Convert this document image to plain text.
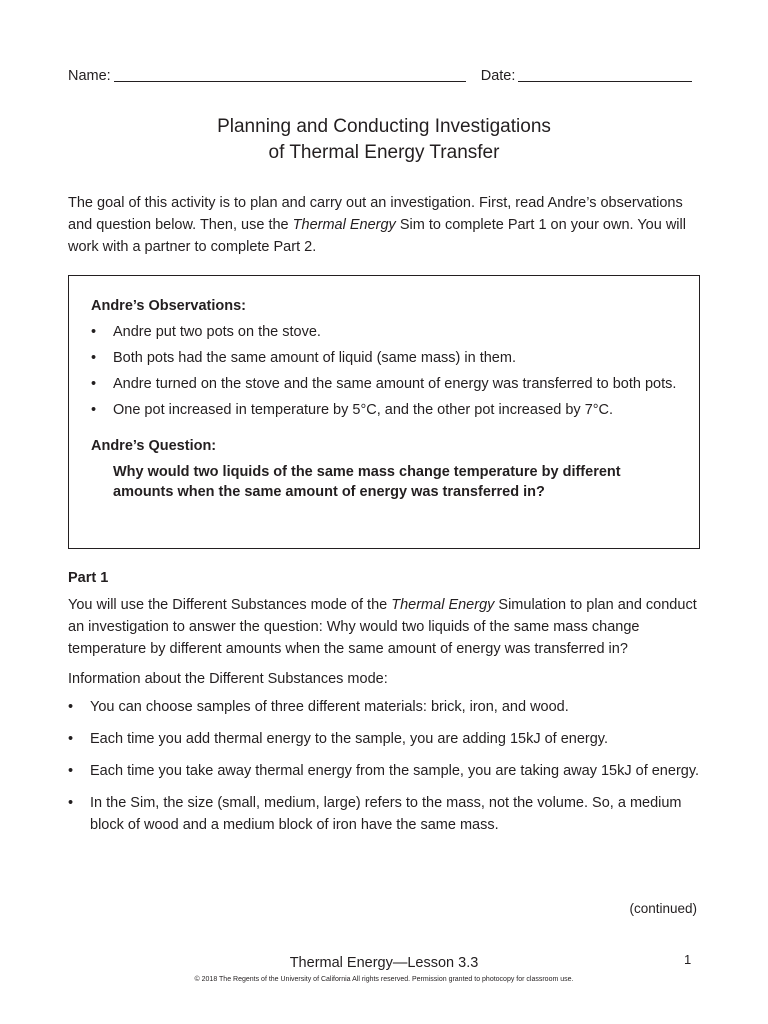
Name:	Date:
Planning and Conducting Investigations
of Thermal Energy Transfer

The goal of this activity is to plan and carry out an investigation. First, read Andre’s observations and question below. Then, use the Thermal Energy Sim to complete Part 1 on your own. You will work with a partner to complete Part 2.

Andre’s Observations:

• Andre put two pots on the stove.
• Both pots had the same amount of liquid (same mass) in them.
• Andre turned on the stove and the same amount of energy was transferred to both pots.
• One pot increased in temperature by 5°C, and the other pot increased by 7°C.

Andre’s Question:

Why would two liquids of the same mass change temperature by different amounts when the same amount of energy was transferred in?

Part 1

You will use the Different Substances mode of the Thermal Energy Simulation to plan and conduct an investigation to answer the question: Why would two liquids of the same mass change temperature by different amounts when the same amount of energy was transferred in?

Information about the Different Substances mode:

• You can choose samples of three different materials: brick, iron, and wood.
• Each time you add thermal energy to the sample, you are adding 15kJ of energy.
• Each time you take away thermal energy from the sample, you are taking away 15kJ of energy.
• In the Sim, the size (small, medium, large) refers to the mass, not the volume. So, a medium block of wood and a medium block of iron have the same mass.
(continued)
Thermal Energy—Lesson 3.3	1
© 2018 The Regents of the University of California All rights reserved. Permission granted to photocopy for classroom use.
